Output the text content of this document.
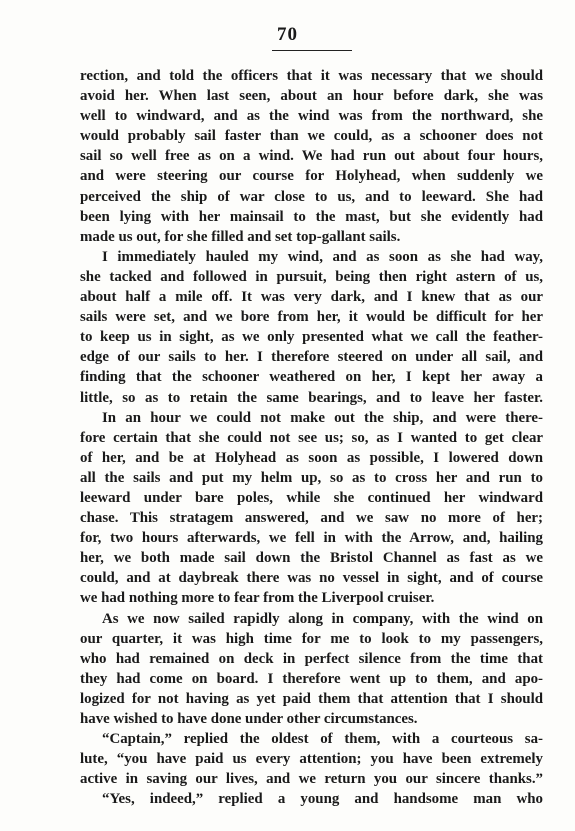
70
rection, and told the officers that it was necessary that we should
avoid her. When last seen, about an hour before dark, she was
well to windward, and as the wind was from the northward, she
would probably sail faster than we could, as a schooner does not
sail so well free as on a wind. We had run out about four hours,
and were steering our course for Holyhead, when suddenly we
perceived the ship of war close to us, and to leeward. She had
been lying with her mainsail to the mast, but she evidently had
made us out, for she filled and set top-gallant sails.
I immediately hauled my wind, and as soon as she had way,
she tacked and followed in pursuit, being then right astern of us,
about half a mile off. It was very dark, and I knew that as our
sails were set, and we bore from her, it would be difficult for her
to keep us in sight, as we only presented what we call the feather-
edge of our sails to her. I therefore steered on under all sail, and
finding that the schooner weathered on her, I kept her away a
little, so as to retain the same bearings, and to leave her faster.
In an hour we could not make out the ship, and were there-
fore certain that she could not see us; so, as I wanted to get clear
of her, and be at Holyhead as soon as possible, I lowered down
all the sails and put my helm up, so as to cross her and run to
leeward under bare poles, while she continued her windward
chase. This stratagem answered, and we saw no more of her;
for, two hours afterwards, we fell in with the Arrow, and, hailing
her, we both made sail down the Bristol Channel as fast as we
could, and at daybreak there was no vessel in sight, and of course
we had nothing more to fear from the Liverpool cruiser.
As we now sailed rapidly along in company, with the wind on
our quarter, it was high time for me to look to my passengers,
who had remained on deck in perfect silence from the time that
they had come on board. I therefore went up to them, and apo-
logized for not having as yet paid them that attention that I should
have wished to have done under other circumstances.
“Captain,” replied the oldest of them, with a courteous sa-
lute, “you have paid us every attention; you have been extremely
active in saving our lives, and we return you our sincere thanks.”
“Yes, indeed,” replied a young and handsome man who
